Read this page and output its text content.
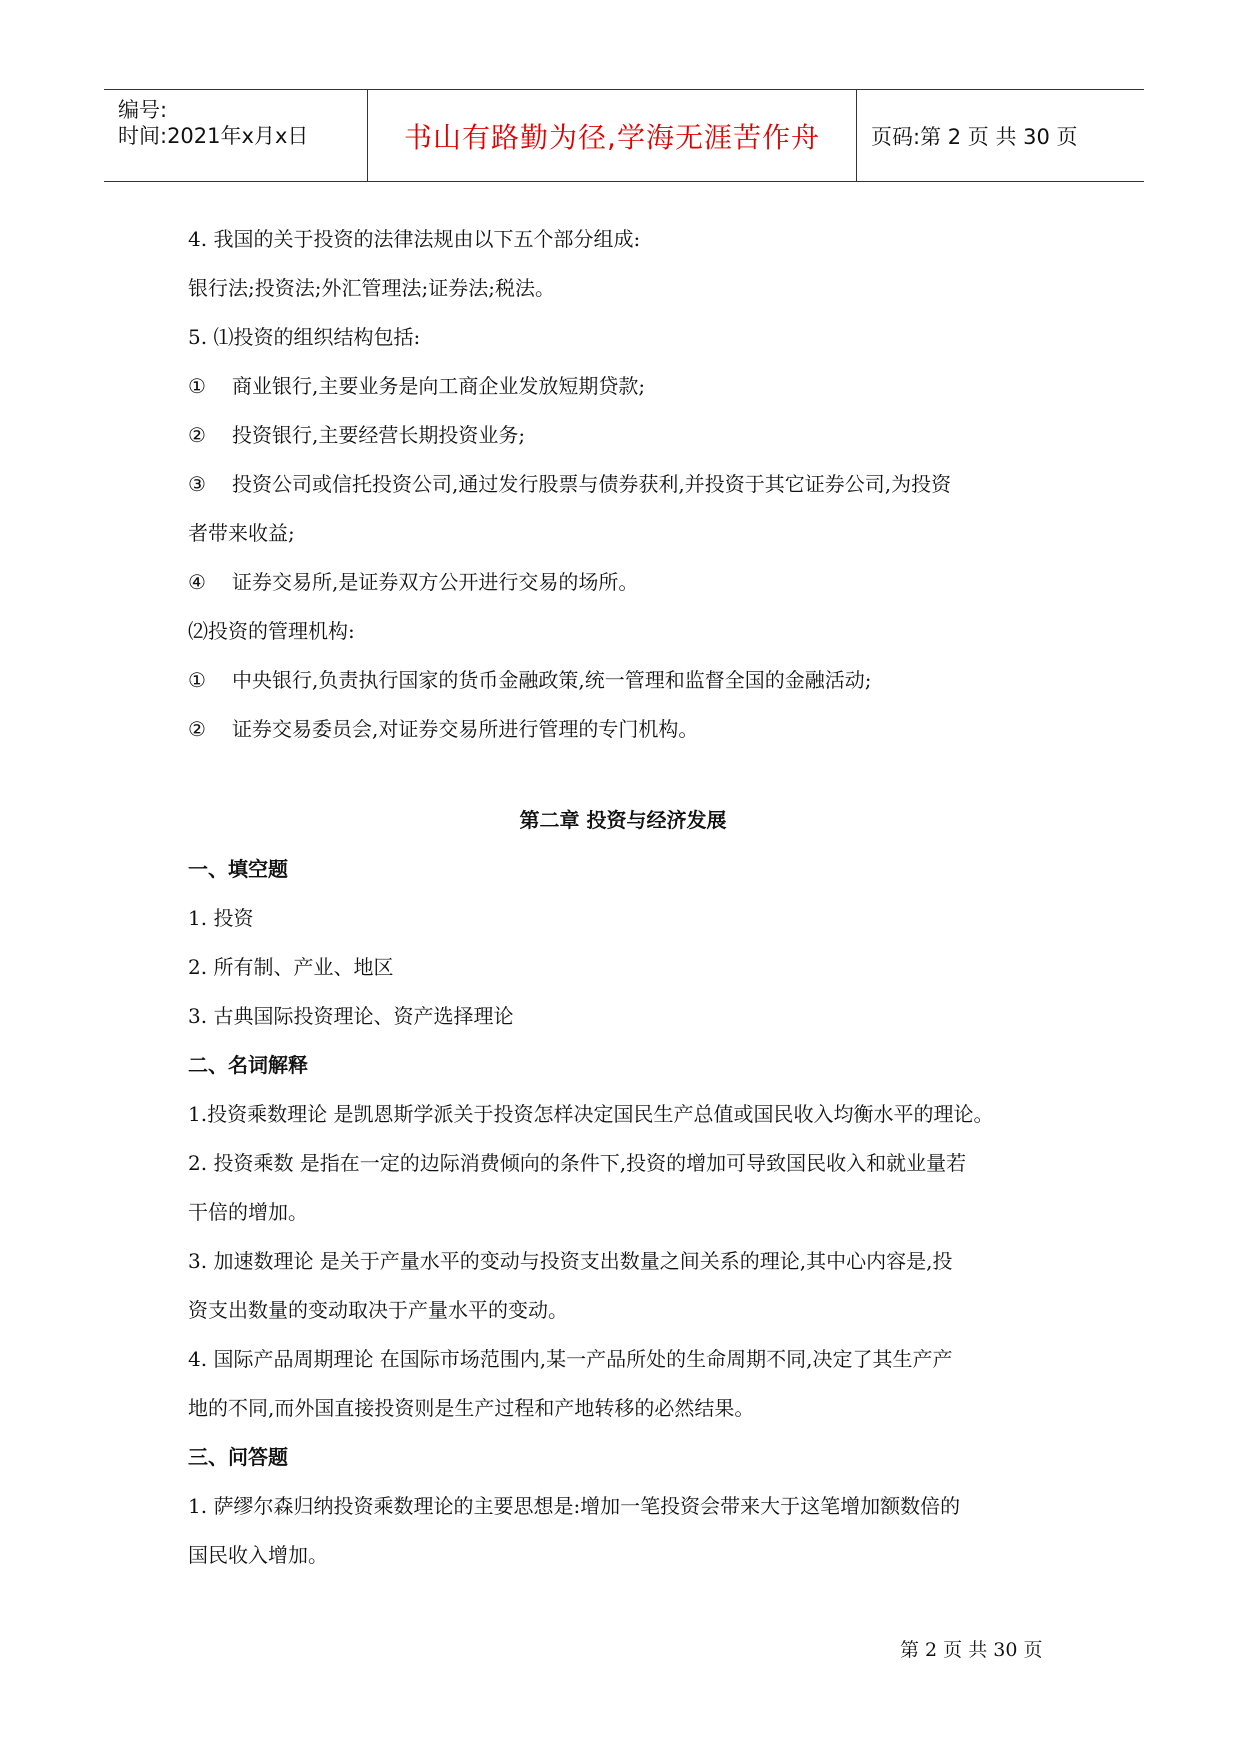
编号:
时间:2021年x月x日	书山有路勤为径,学海无涯苦作舟	页码:第 2 页 共 30 页
4. 我国的关于投资的法律法规由以下五个部分组成:
银行法;投资法;外汇管理法;证券法;税法。
5. ⑴投资的组织结构包括:
① 商业银行,主要业务是向工商企业发放短期贷款;
② 投资银行,主要经营长期投资业务;
③ 投资公司或信托投资公司,通过发行股票与债券获利,并投资于其它证券公司,为投资
者带来收益;
④ 证券交易所,是证券双方公开进行交易的场所。
⑵投资的管理机构:
① 中央银行,负责执行国家的货币金融政策,统一管理和监督全国的金融活动;
② 证券交易委员会,对证券交易所进行管理的专门机构。
第二章 投资与经济发展
一、填空题
1. 投资
2. 所有制、产业、地区
3. 古典国际投资理论、资产选择理论
二、名词解释
1.投资乘数理论 是凯恩斯学派关于投资怎样决定国民生产总值或国民收入均衡水平的理论。
2. 投资乘数 是指在一定的边际消费倾向的条件下,投资的增加可导致国民收入和就业量若
干倍的增加。
3. 加速数理论 是关于产量水平的变动与投资支出数量之间关系的理论,其中心内容是,投
资支出数量的变动取决于产量水平的变动。
4. 国际产品周期理论 在国际市场范围内,某一产品所处的生命周期不同,决定了其生产产
地的不同,而外国直接投资则是生产过程和产地转移的必然结果。
三、问答题
1. 萨缪尔森归纳投资乘数理论的主要思想是:增加一笔投资会带来大于这笔增加额数倍的
国民收入增加。
第 2 页 共 30 页
